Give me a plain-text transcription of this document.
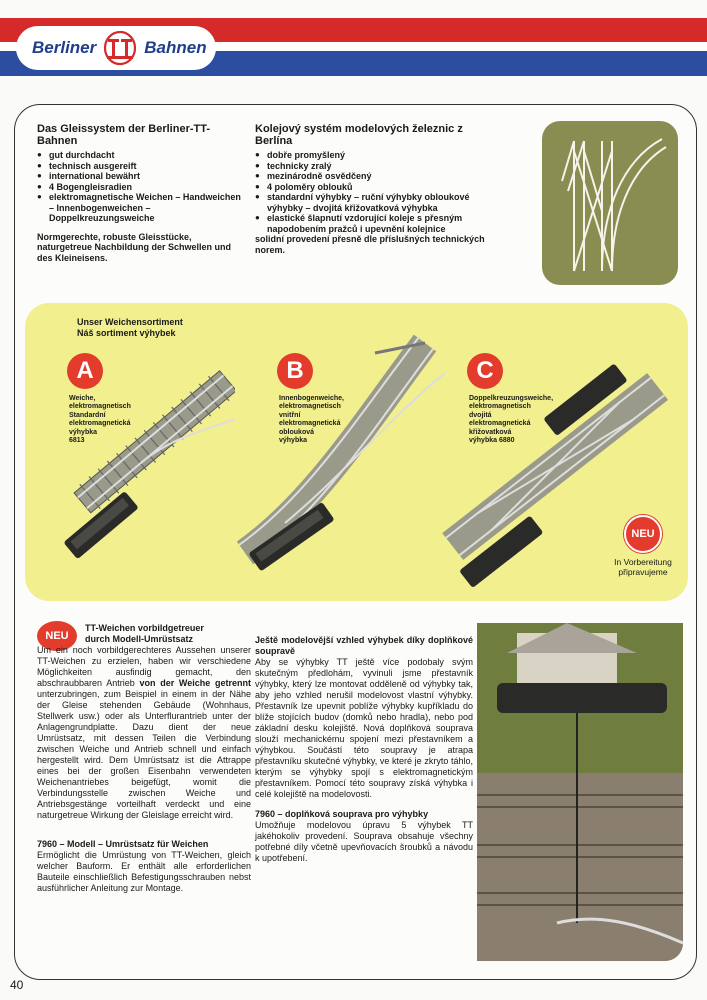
Berliner	Bahnen
Das Gleissystem der Berliner-TT-Bahnen
● gut durchdacht
● technisch ausgereift
● international bewährt
● 4 Bogengleisradien
● elektromagnetische Weichen – Handweichen – Innenbogenweichen – Doppelkreuzungsweiche
Normgerechte, robuste Gleisstücke, naturgetreue Nachbildung der Schwellen und des Kleineisens.
Kolejový systém modelových železnic z Berlína
● dobře promyšlený
● technicky zralý
● mezinárodně osvědčený
● 4 poloměry oblouků
● standardní výhybky – ruční výhybky obloukové výhybky – dvojitá křižovatková výhybka
● elastické šlapnutí vzdorující koleje s přesným napodobením pražců i upevnění kolejnice
solidní provedení přesně dle příslušných technických norem.
Unser Weichensortiment
Náš sortiment výhybek
A
Weiche,
elektromagnetisch
Standardní
elektromagnetická
výhybka
6813
B
Innenbogenweiche,
elektromagnetisch
vnitřní
elektromagnetická
oblouková
výhybka
C
Doppelkreuzungsweiche,
elektromagnetisch
dvojitá
elektromagnetická
křižovatková
výhybka 6880
NEU
In Vorbereitung
připravujeme
NEU
TT-Weichen vorbildgetreuer
durch Modell-Umrüstsatz

Um ein noch vorbildgerechteres Aussehen unserer TT-Weichen zu erzielen, haben wir verschiedene Möglichkeiten ausfindig gemacht, den abschraubbaren Antrieb von der Weiche getrennt unterzubringen, zum Beispiel in einem in der Nähe der Gleise stehenden Gebäude (Wohnhaus, Stellwerk usw.) oder als Unterflurantrieb unter der Anlagengrundplatte. Dazu dient der neue Umrüstsatz, mit dessen Teilen die Verbindung zwischen Weiche und Antrieb schnell und einfach hergestellt wird. Dem Umrüstsatz ist die Attrappe eines bei der großen Eisenbahn verwendeten Weichenantriebes beigefügt, womit die Verbindungsstelle zwischen Weiche und Antriebsgestänge vorteilhaft verdeckt und eine naturgetreue Wirkung der Gleislage erreicht wird.

7960 – Modell – Umrüstsatz für Weichen

Ermöglicht die Umrüstung von TT-Weichen, gleich welcher Bauform. Er enthält alle erforderlichen Bauteile einschließlich Befestigungsschrauben nebst ausführlicher Anleitung zur Montage.

Ještě modelovější vzhled výhybek díky doplňkové soupravě

Aby se výhybky TT ještě více podobaly svým skutečným předlohám, vyvinuli jsme přestavník výhybky, který lze montovat odděleně od výhybky tak, aby jeho vzhled nerušil modelovost vlastní výhybky. Přestavník lze upevnit poblíže výhybky kupříkladu do blíže stojících budov (domků nebo hradla), nebo pod základní desku kolejiště. Nová doplňková souprava slouží mechanickému spojení mezi přestavníkem a výhybkou. Součástí této soupravy je atrapa přestavníku skutečné výhybky, ve které je zkryto táhlo, kterým se výhybky spojí s elektromagnetickým přestavníkem. Pomocí této soupravy získá výhybka i celé kolejiště na modelovosti.

7960 – doplňková souprava pro výhybky

Umožňuje modelovou úpravu 5 výhybek TT jakéhokoliv provedení. Souprava obsahuje všechny potřebné díly včetně upevňovacích šroubků a návodu k upotřebení.

40
